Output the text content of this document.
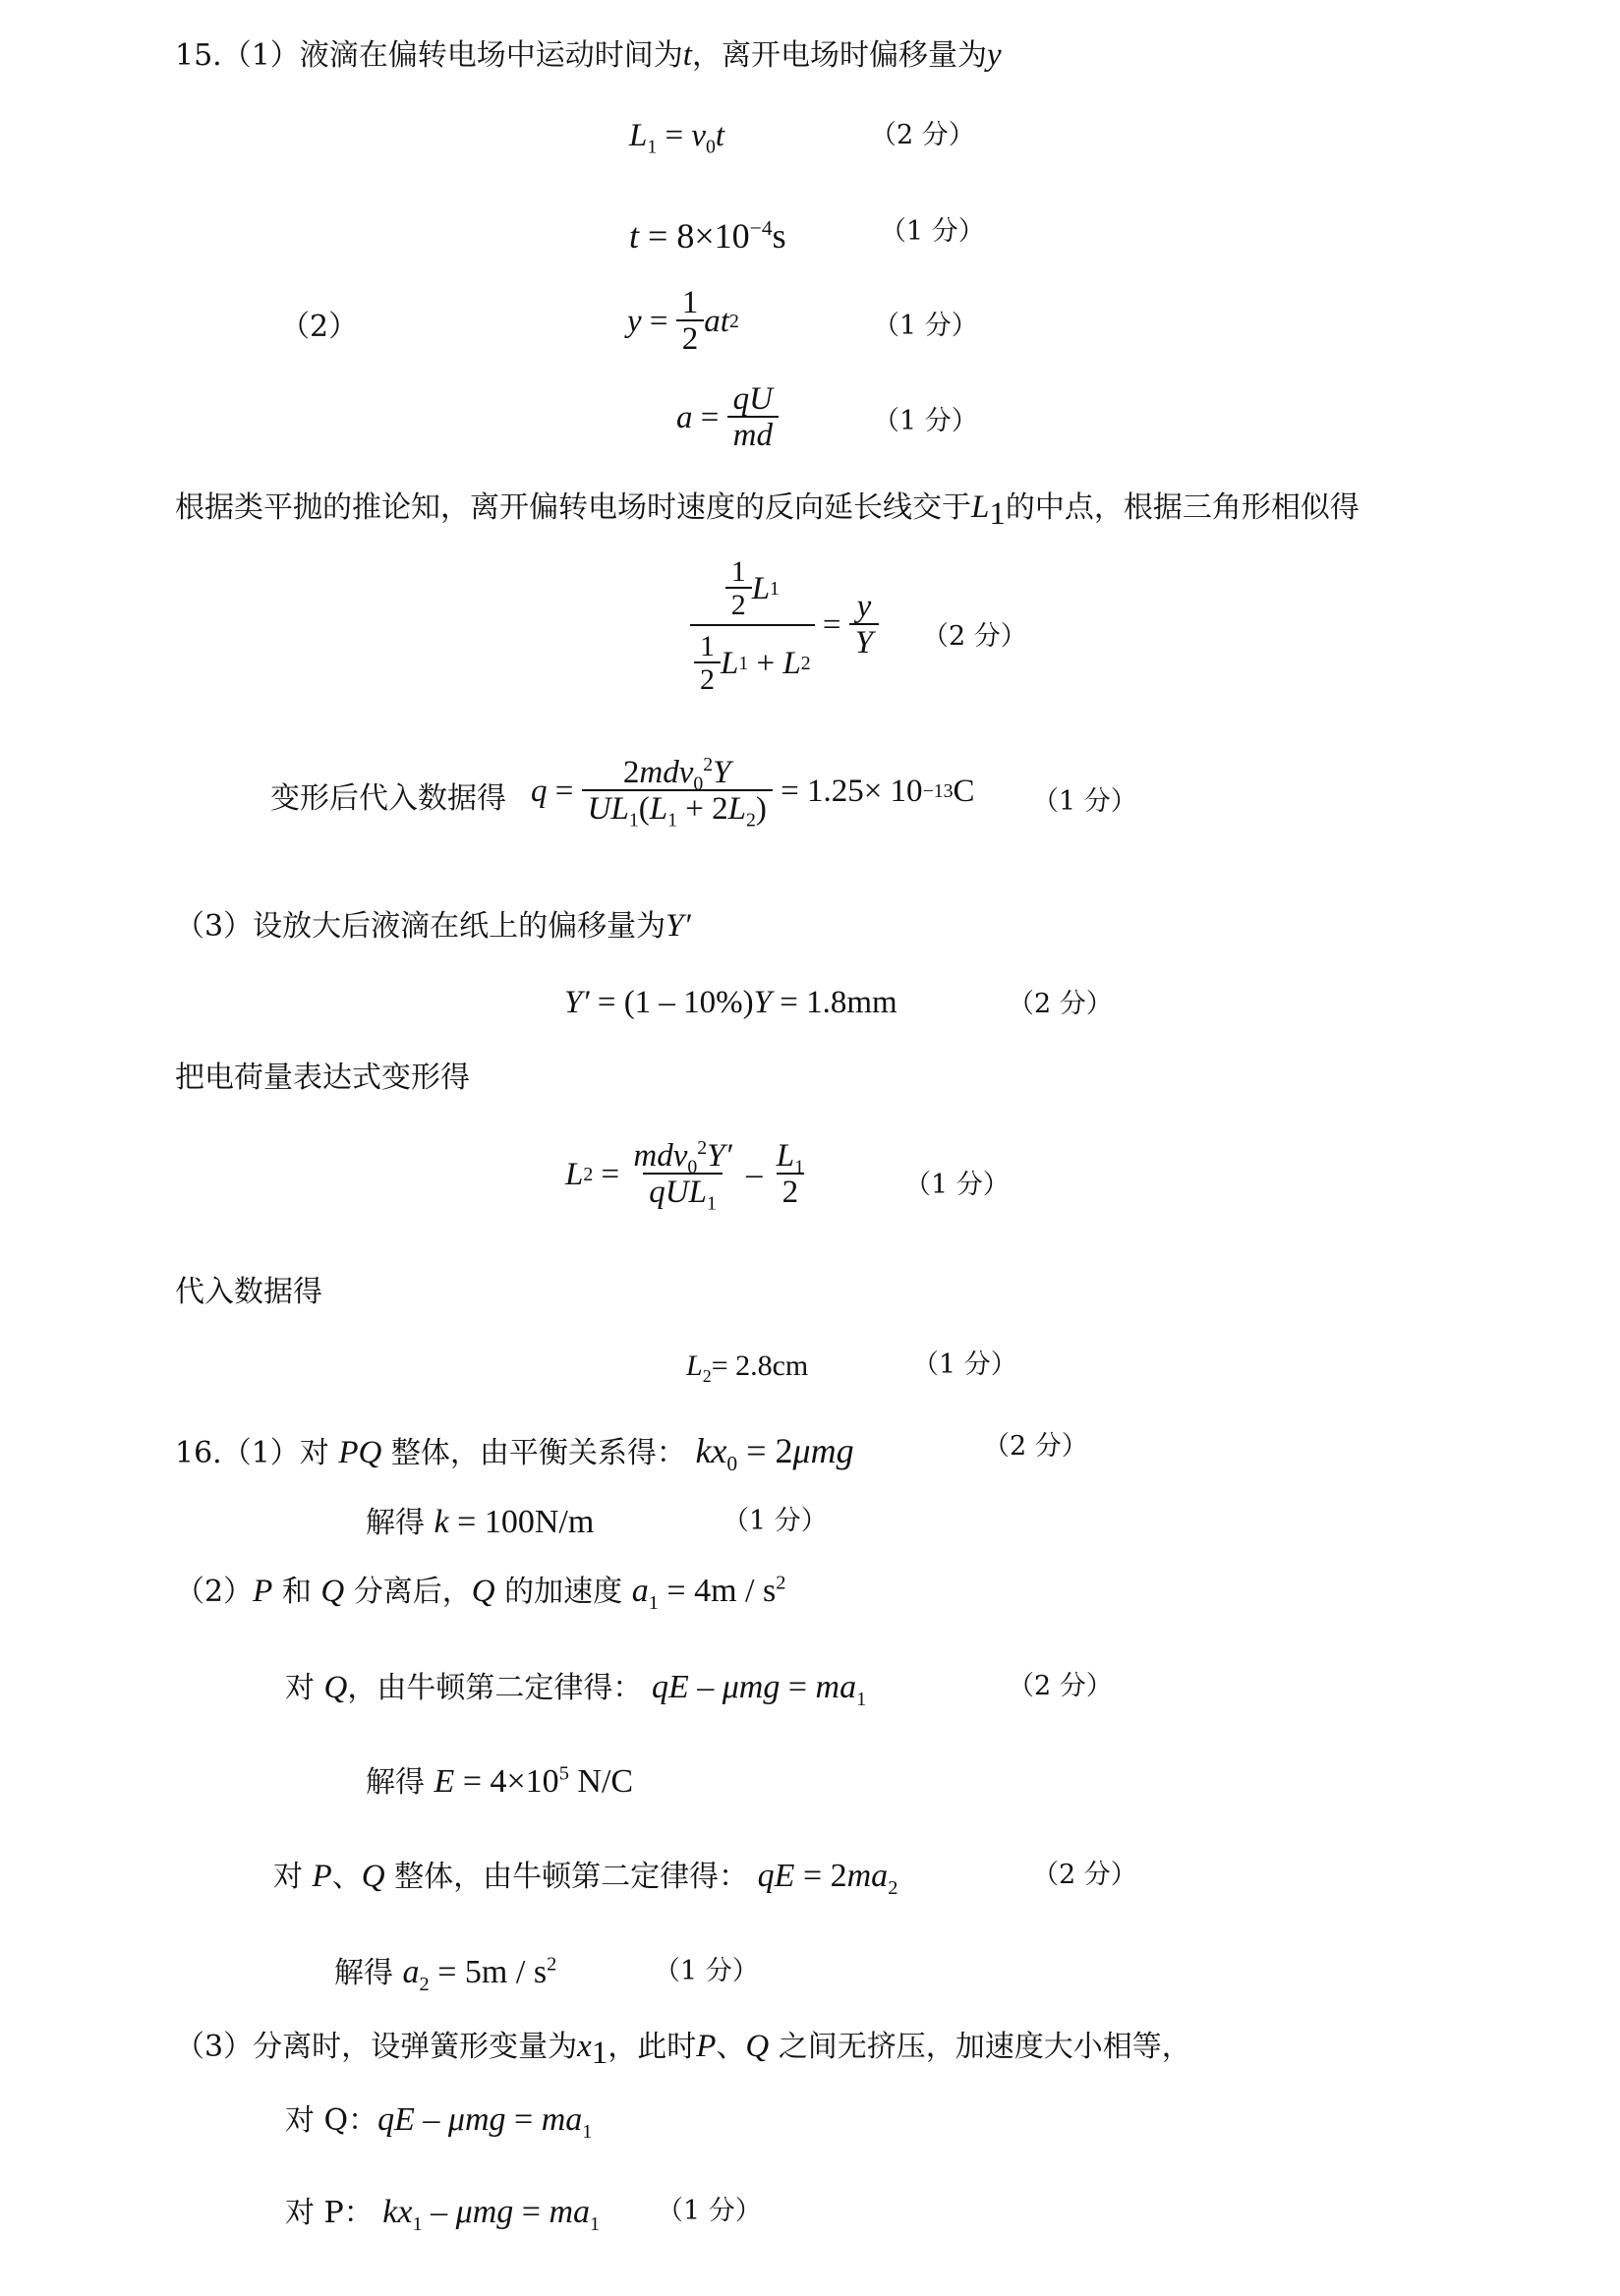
15.（1）液滴在偏转电场中运动时间为t，离开电场时偏移量为y
$L_1 = v_0t$	（2 分）
$t = 8\times 10^{-4}s$	（1 分）
（2）	$y = \frac{1}{2}$ at 2	（1 分）
$a = \frac{qU}{md}$	（1 分）
根据类平抛的推论知，离开偏转电场时速度的反向延长线交于$L_1$的中点，根据三角形相似得
$\frac{\frac{1}{2} L 1}{\frac{1}{2} L 1 + L 2} = \frac{y}{Y} (2$ 分）
变形后代入数据得 $q = \frac{2mdv_0^2Y}{UL_1(L_1 + 2L_2)}$
= 1.25× 10 −13 C （1 分）
（3）设放大后液滴在纸上的偏移量为Y′
Y′ = (1 – 10%)Y = 1.8mm	（2 分）
把电荷量表达式变形得
L $2 = \frac{mdv_0^2Y'}{qUL_1} - \frac{L_1}{2}$	（1 分）
代入数据得
$L_2= 2.8cm$	（1 分）
16.（1）对 PQ 整体，由平衡关系得： $kx_0 = 2\mu mg$	（2 分）
解得 k = 100N/m	（1 分）
（2）P 和 Q 分离后，Q 的加速度 $a_1 = 4m / s^2$
对 Q，由牛顿第二定律得： qE – $\mu mg = ma_1$	（2 分）
解得 $E = 4\times 10^5$ N/C
对 P、Q 整体，由牛顿第二定律得： qE = $2ma_2$	（2 分）
解得 $a_2 = 5m / s^2$	（1 分）
（3）分离时，设弹簧形变量为$x_1$，此时P、Q 之间无挤压，加速度大小相等，
对 Q：qE – $\mu mg = ma_1$
对 P： $kx_1 - \mu mg = ma_1$ （1 分）
